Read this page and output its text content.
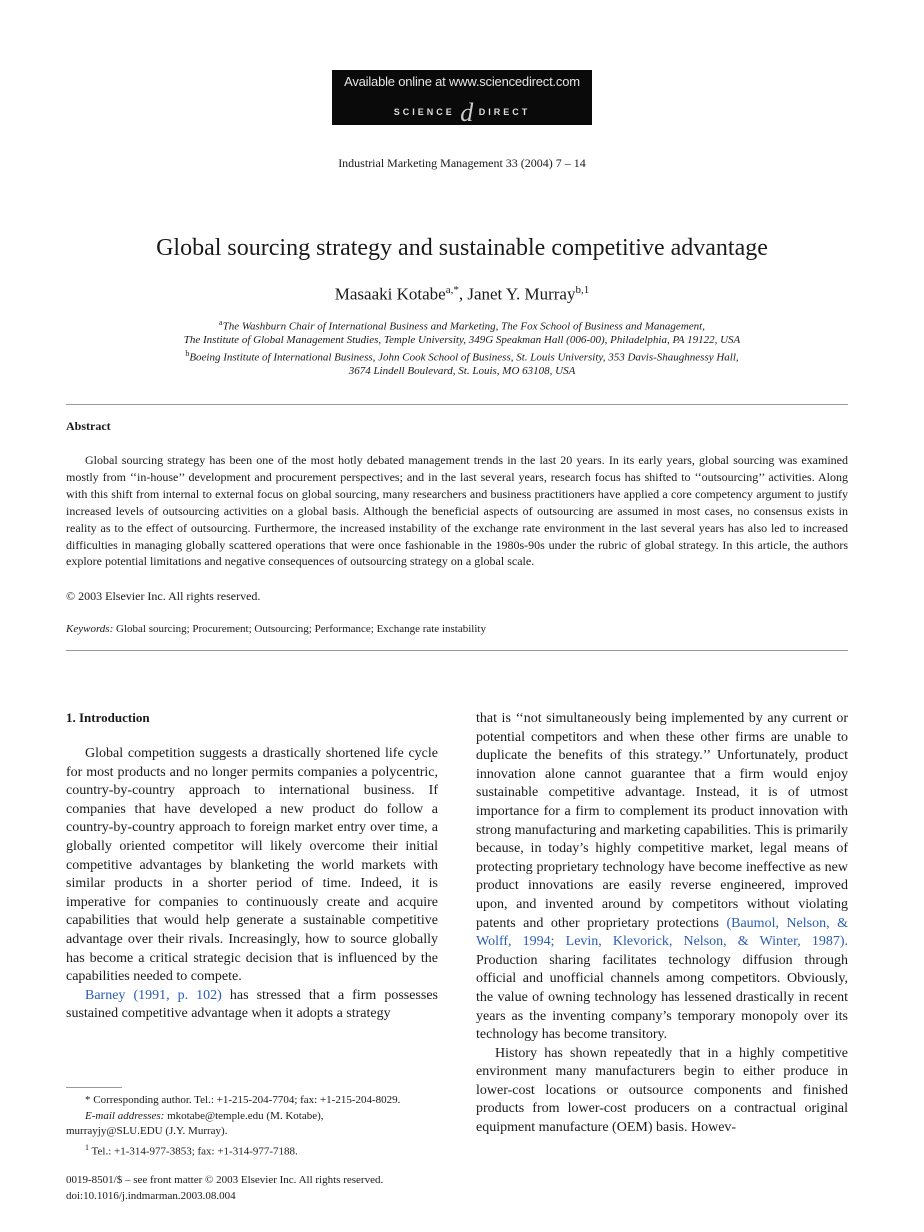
Available online at www.sciencedirect.com
SCIENCE d DIRECT
Industrial Marketing Management 33 (2004) 7 – 14
Global sourcing strategy and sustainable competitive advantage
Masaaki Kotabe$^{a,*}$, Janet Y. Murray$^{b,1}$
$^a$The Washburn Chair of International Business and Marketing, The Fox School of Business and Management,
The Institute of Global Management Studies, Temple University, 349G Speakman Hall (006-00), Philadelphia, PA 19122, USA
$^b$Boeing Institute of International Business, John Cook School of Business, St. Louis University, 353 Davis-Shaughnessy Hall,
3674 Lindell Boulevard, St. Louis, MO 63108, USA
Abstract
Global sourcing strategy has been one of the most hotly debated management trends in the last 20 years. In its early years, global sourcing was examined mostly from ‘‘in-house’’ development and procurement perspectives; and in the last several years, research focus has shifted to ‘‘outsourcing’’ activities. Along with this shift from internal to external focus on global sourcing, many researchers and business practitioners have applied a core competency argument to justify increased levels of outsourcing activities on a global basis. Although the beneficial aspects of outsourcing are assumed in most cases, no consensus exists in reality as to the effect of outsourcing. Furthermore, the increased instability of the exchange rate environment in the last several years has also led to increased difficulties in managing globally scattered operations that were once fashionable in the 1980s-90s under the rubric of global strategy. In this article, the authors explore potential limitations and negative consequences of outsourcing strategy on a global scale.
© 2003 Elsevier Inc. All rights reserved.
Keywords: Global sourcing; Procurement; Outsourcing; Performance; Exchange rate instability
1. Introduction

Global competition suggests a drastically shortened life cycle for most products and no longer permits companies a polycentric, country-by-country approach to international business. If companies that have developed a new product do follow a country-by-country approach to foreign market entry over time, a globally oriented competitor will likely overcome their initial competitive advantages by blanketing the world markets with similar products in a shorter period of time. Indeed, it is imperative for companies to continuously create and acquire capabilities that would help generate a sustainable competitive advantage over their rivals. Increasingly, how to source globally has become a critical strategic decision that is influenced by the capabilities needed to compete.

Barney (1991, p. 102) has stressed that a firm possesses sustained competitive advantage when it adopts a strategy

that is ‘‘not simultaneously being implemented by any current or potential competitors and when these other firms are unable to duplicate the benefits of this strategy.’’ Unfortunately, product innovation alone cannot guarantee that a firm would enjoy sustainable competitive advantage. Instead, it is of utmost importance for a firm to complement its product innovation with strong manufacturing and marketing capabilities. This is primarily because, in today’s highly competitive market, legal means of protecting proprietary technology have become ineffective as new product innovations are easily reverse engineered, improved upon, and invented around by competitors without violating patents and other proprietary protections (Baumol, Nelson, & Wolff, 1994; Levin, Klevorick, Nelson, & Winter, 1987). Production sharing facilitates technology diffusion through official and unofficial channels among competitors. Obviously, the value of owning technology has lessened drastically in recent years as the inventing company’s temporary monopoly over its technology has become transitory.

History has shown repeatedly that in a highly competitive environment many manufacturers begin to either produce in lower-cost locations or outsource components and finished products from lower-cost producers on a contractual original equipment manufacture (OEM) basis. Howev-

* Corresponding author. Tel.: +1-215-204-7704; fax: +1-215-204-8029.

E-mail addresses: mkotabe@temple.edu (M. Kotabe),

murrayjy@SLU.EDU (J.Y. Murray).

$^1$ Tel.: +1-314-977-3853; fax: +1-314-977-7188.

0019-8501/$ – see front matter © 2003 Elsevier Inc. All rights reserved.

doi:10.1016/j.indmarman.2003.08.004
